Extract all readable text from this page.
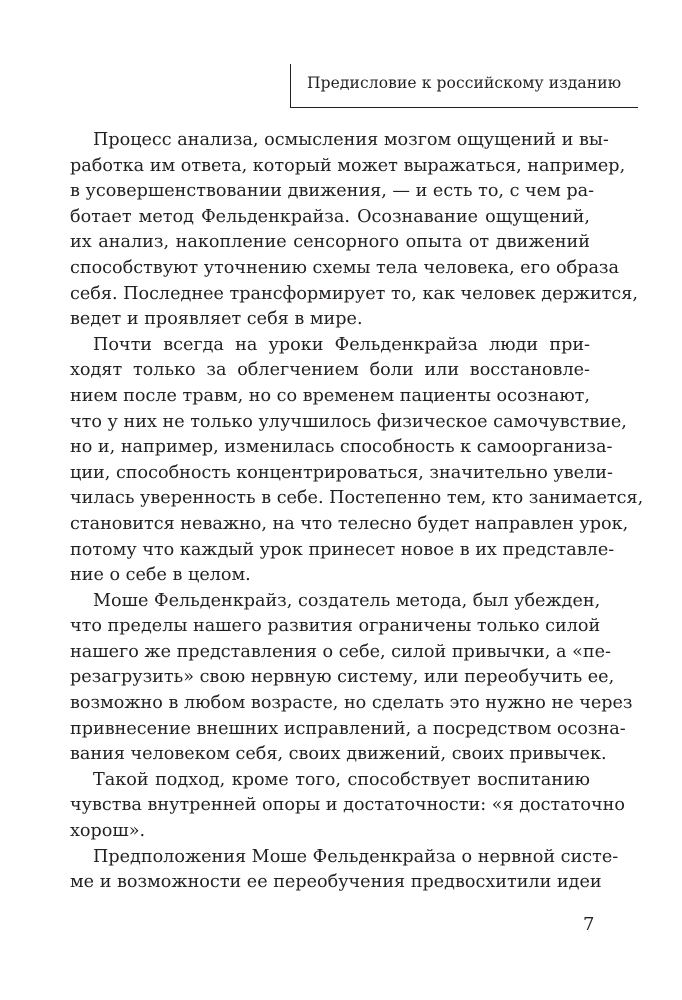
Предисловие к российскому изданию
Процесс анализа, осмысления мозгом ощущений и вы-
работка им ответа, который может выражаться, например,
в усовершенствовании движения, — и есть то, с чем ра-
ботает метод Фельденкрайза. Осознавание ощущений,
их анализ, накопление сенсорного опыта от движений
способствуют уточнению схемы тела человека, его образа
себя. Последнее трансформирует то, как человек держится,
ведет и проявляет себя в мире.
Почти всегда на уроки Фельденкрайза люди при-
ходят только за облегчением боли или восстановле-
нием после травм, но со временем пациенты осознают,
что у них не только улучшилось физическое самочувствие,
но и, например, изменилась способность к самоорганиза-
ции, способность концентрироваться, значительно увели-
чилась уверенность в себе. Постепенно тем, кто занимается,
становится неважно, на что телесно будет направлен урок,
потому что каждый урок принесет новое в их представле-
ние о себе в целом.
Моше Фельденкрайз, создатель метода, был убежден,
что пределы нашего развития ограничены только силой
нашего же представления о себе, силой привычки, а «пе-
резагрузить» свою нервную систему, или переобучить ее,
возможно в любом возрасте, но сделать это нужно не через
привнесение внешних исправлений, а посредством осозна-
вания человеком себя, своих движений, своих привычек.
Такой подход, кроме того, способствует воспитанию
чувства внутренней опоры и достаточности: «я достаточно
хорош».
Предположения Моше Фельденкрайза о нервной систе-
ме и возможности ее переобучения предвосхитили идеи
7
